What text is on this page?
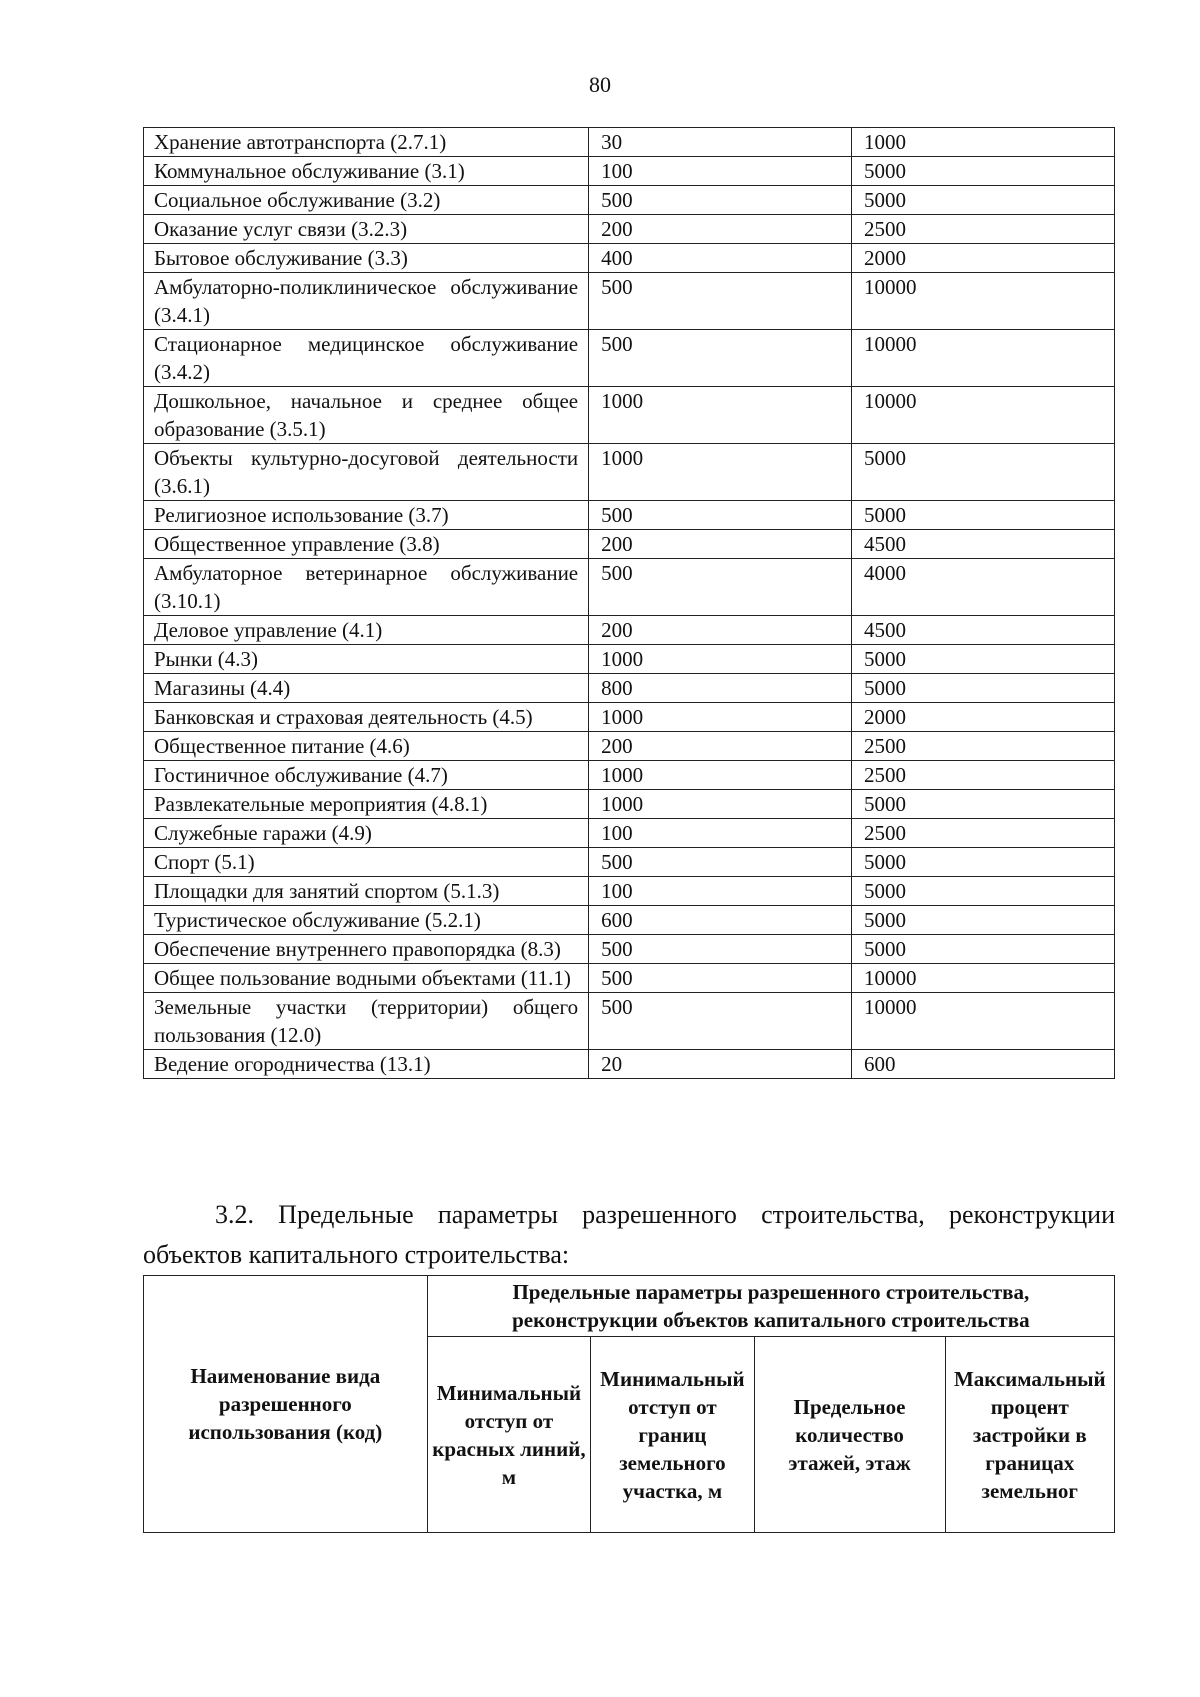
80
Хранение автотранспорта (2.7.1)	30	1000
Коммунальное обслуживание (3.1)	100	5000
Социальное обслуживание (3.2)	500	5000
Оказание услуг связи (3.2.3)	200	2500
Бытовое обслуживание (3.3)	400	2000
Амбулаторно-поликлиническое обслуживание (3.4.1)	500	10000
Стационарное медицинское обслуживание (3.4.2)	500	10000
Дошкольное, начальное и среднее общее образование (3.5.1)	1000	10000
Объекты культурно-досуговой деятельности (3.6.1)	1000	5000
Религиозное использование (3.7)	500	5000
Общественное управление (3.8)	200	4500
Амбулаторное ветеринарное обслуживание (3.10.1)	500	4000
Деловое управление (4.1)	200	4500
Рынки (4.3)	1000	5000
Магазины (4.4)	800	5000
Банковская и страховая деятельность (4.5)	1000	2000
Общественное питание (4.6)	200	2500
Гостиничное обслуживание (4.7)	1000	2500
Развлекательные мероприятия (4.8.1)	1000	5000
Служебные гаражи (4.9)	100	2500
Спорт (5.1)	500	5000
Площадки для занятий спортом (5.1.3)	100	5000
Туристическое обслуживание (5.2.1)	600	5000
Обеспечение внутреннего правопорядка (8.3)	500	5000
Общее пользование водными объектами (11.1)	500	10000
Земельные участки (территории) общего пользования (12.0)	500	10000
Ведение огородничества (13.1)	20	600

3.2. Предельные параметры разрешенного строительства, реконструкции объектов капитального строительства:

Наименование вида разрешенного использования (код)	Предельные параметры разрешенного строительства, реконструкции объектов капитального строительства			
	Минимальный отступ от красных линий, м	Минимальный отступ от границ земельного участка, м	Предельное количество этажей, этаж	Максимальный процент застройки в границах земельног
